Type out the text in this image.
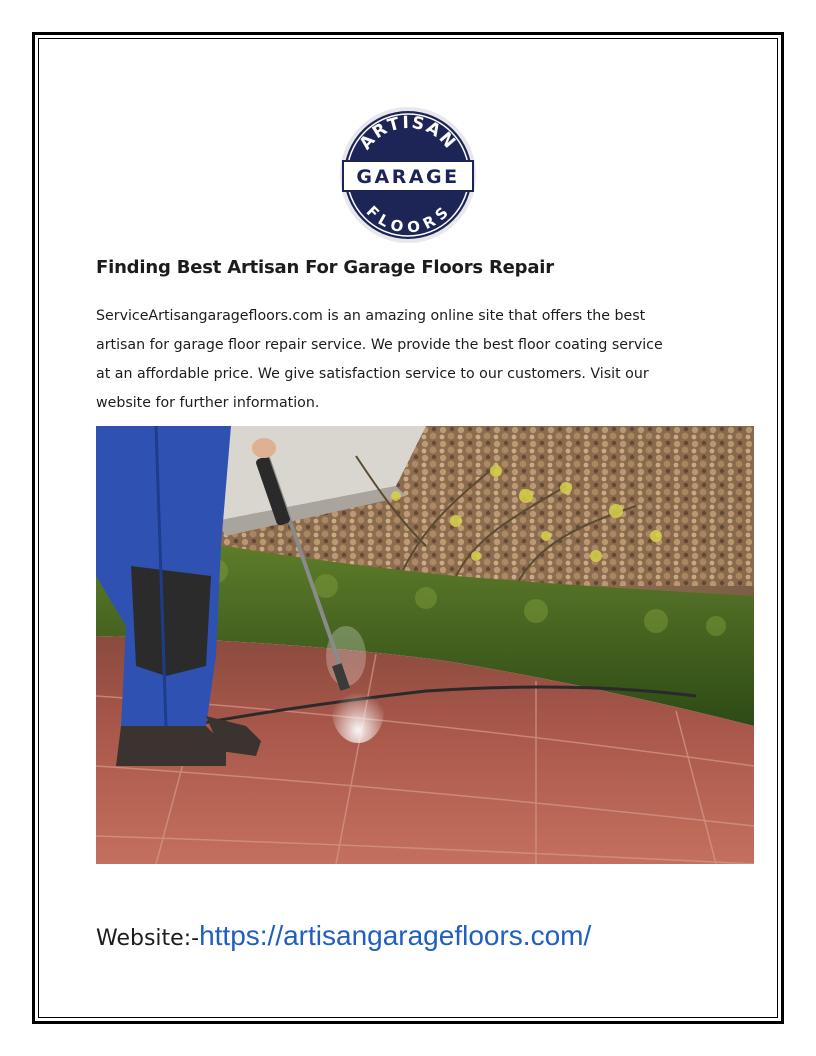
ARTISAN
GARAGE
FLOORS
Finding Best Artisan For Garage Floors Repair

ServiceArtisangaragefloors.com is an amazing online site that offers the best
artisan for garage floor repair service. We provide the best floor coating service
at an affordable price. We give satisfaction service to our customers. Visit our
website for further information.

Website:-https://artisangaragefloors.com/
